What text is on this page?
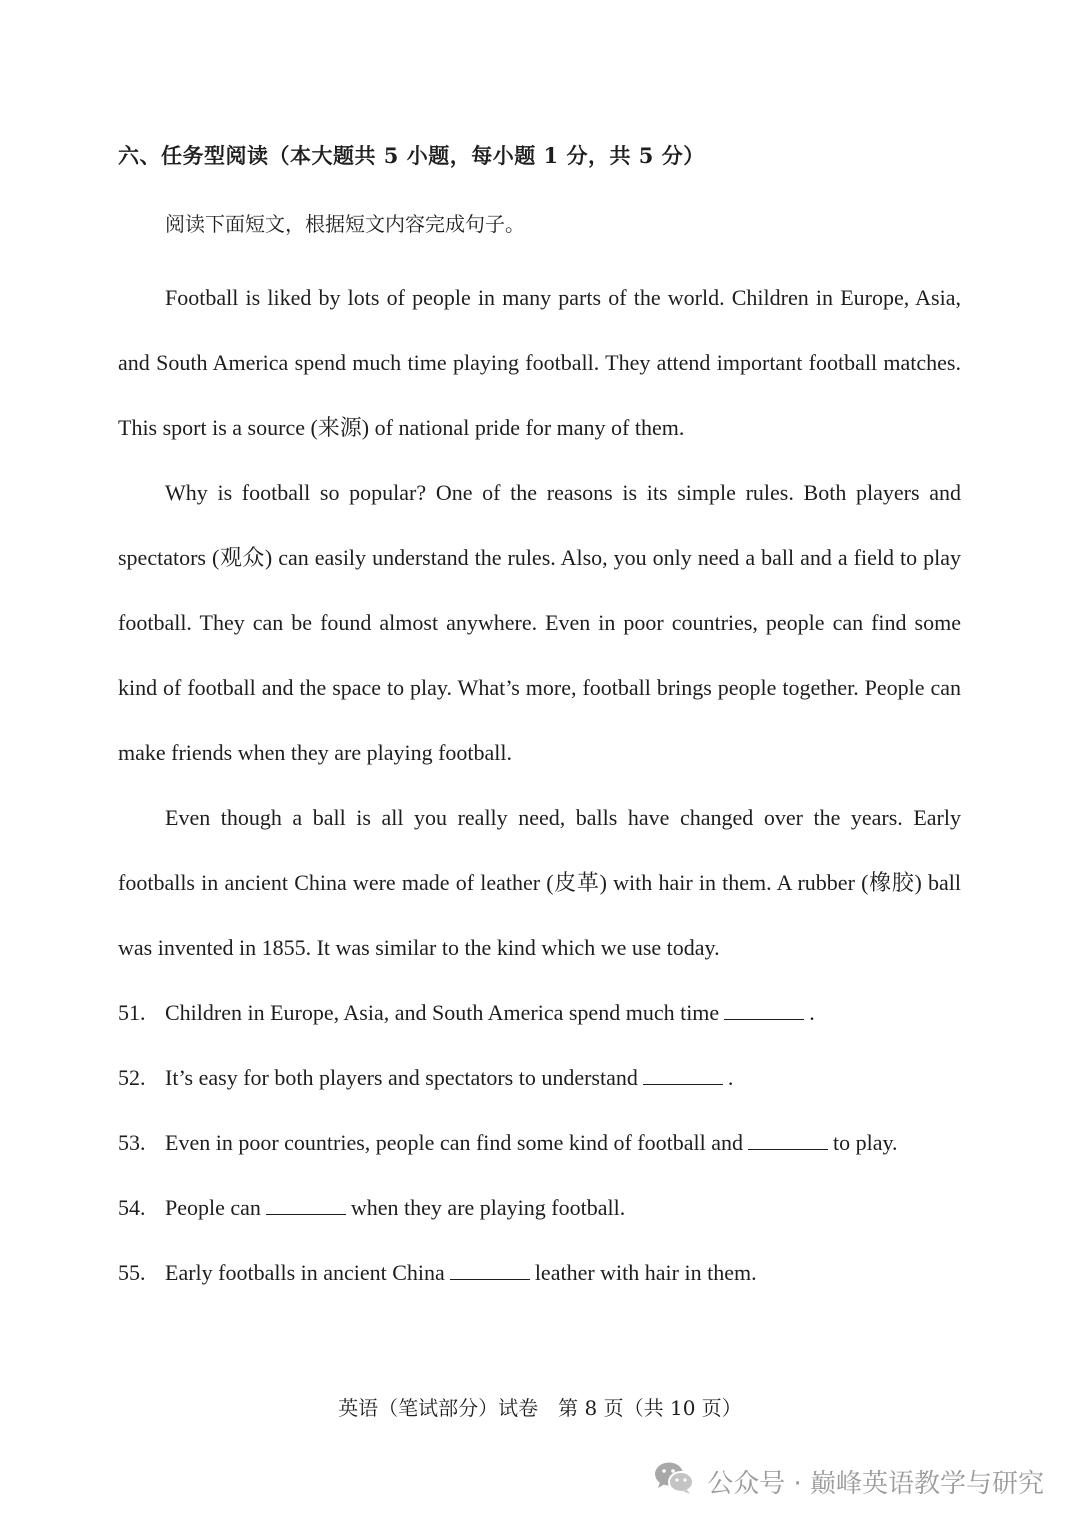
六、任务型阅读（本大题共 5 小题，每小题 1 分，共 5 分）
阅读下面短文，根据短文内容完成句子。

Football is liked by lots of people in many parts of the world. Children in Europe, Asia, and South America spend much time playing football. They attend important football matches. This sport is a source (来源) of national pride for many of them.

Why is football so popular? One of the reasons is its simple rules. Both players and spectators (观众) can easily understand the rules. Also, you only need a ball and a field to play football. They can be found almost anywhere. Even in poor countries, people can find some kind of football and the space to play. What’s more, football brings people together. People can make friends when they are playing football.

Even though a ball is all you really need, balls have changed over the years. Early footballs in ancient China were made of leather (皮革) with hair in them. A rubber (橡胶) ball was invented in 1855. It was similar to the kind which we use today.

51. Children in Europe, Asia, and South America spend much time	.
52. It’s easy for both players and spectators to understand	.
53. Even in poor countries, people can find some kind of football and	to play.
54. People can	when they are playing football.
55. Early footballs in ancient China	leather with hair in them.
英语（笔试部分）试卷　第 8 页（共 10 页）
公众号 · 巅峰英语教学与研究
